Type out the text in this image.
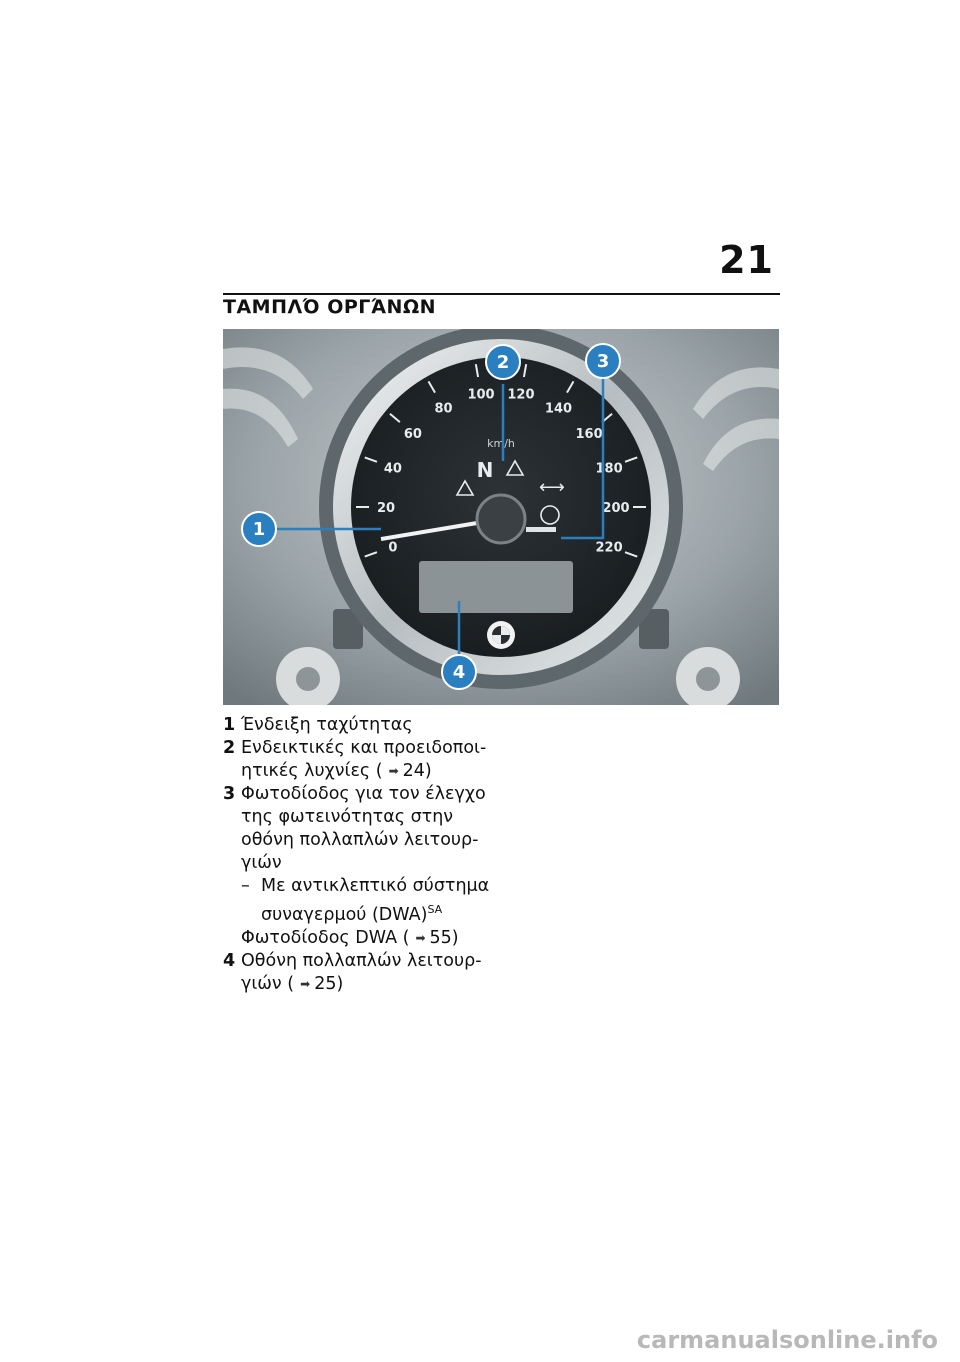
21
ΤΑΜΠΛΌ ΟΡΓΆΝΩΝ
0
20
40
60
80
100 120
140
160
180
200
220
km/h
N
⟷
1
2	3
4
1 Ένδειξη ταχύτητας
2 Ενδεικτικές και προειδοποι-
ητικές λυχνίες ( ➡ 24)
3 Φωτοδίοδος για τον έλεγχο
της φωτεινότητας στην
οθόνη πολλαπλών λειτουρ-
γιών
– Με αντικλεπτικό σύστημα
συναγερμού (DWA)$^{SA}$
Φωτοδίοδος DWA ( ➡ 55)
4 Οθόνη πολλαπλών λειτουρ-
γιών ( ➡ 25)
carmanualsonline.info
